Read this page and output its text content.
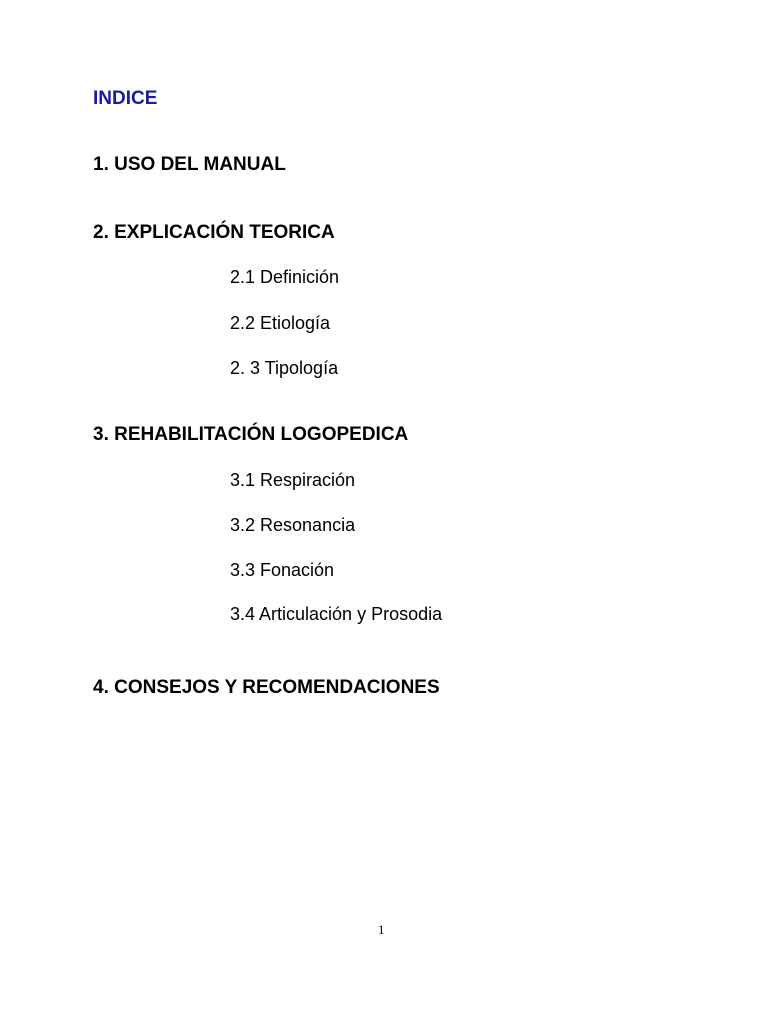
INDICE
1. USO DEL MANUAL
2. EXPLICACIÓN TEORICA
2.1 Definición
2.2 Etiología
2. 3 Tipología
3. REHABILITACIÓN LOGOPEDICA
3.1 Respiración
3.2 Resonancia
3.3 Fonación
3.4 Articulación y Prosodia
4. CONSEJOS Y RECOMENDACIONES
1
